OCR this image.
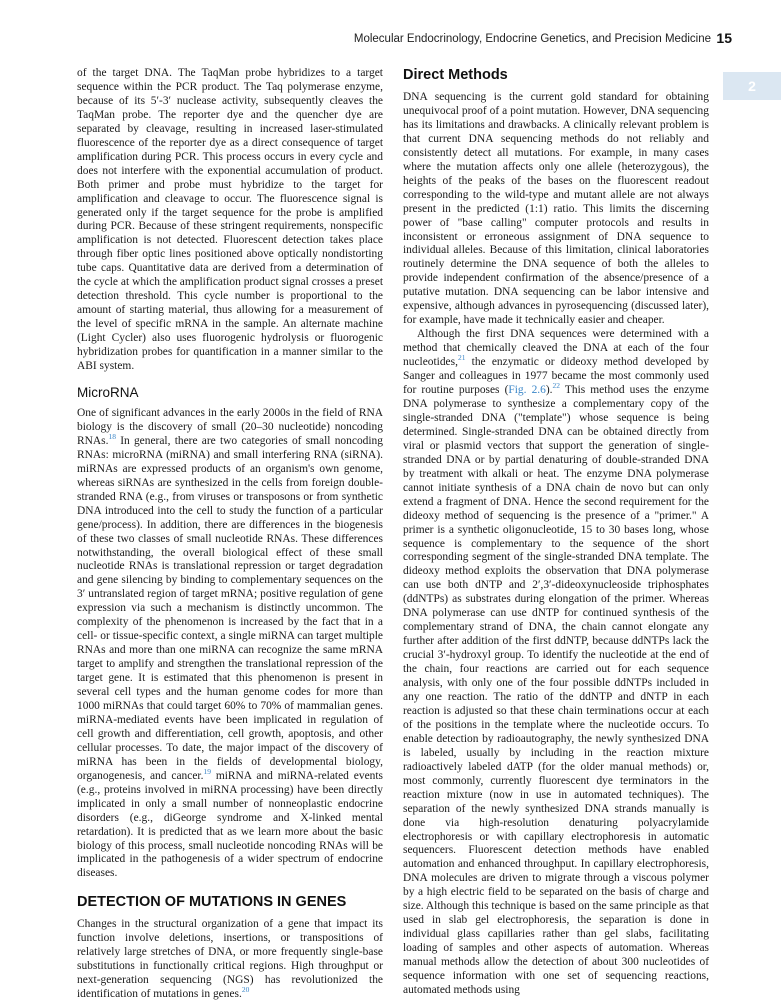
Molecular Endocrinology, Endocrine Genetics, and Precision Medicine 15
2

of the target DNA. The TaqMan probe hybridizes to a target sequence within the PCR product. The Taq polymerase enzyme, because of its 5′-3′ nuclease activity, subsequently cleaves the TaqMan probe. The reporter dye and the quencher dye are separated by cleavage, resulting in increased laser-stimulated fluorescence of the reporter dye as a direct consequence of target amplification during PCR. This process occurs in every cycle and does not interfere with the exponential accumulation of product. Both primer and probe must hybridize to the target for amplification and cleavage to occur. The fluorescence signal is generated only if the target sequence for the probe is amplified during PCR. Because of these stringent requirements, nonspecific amplification is not detected. Fluorescent detection takes place through fiber optic lines positioned above optically nondistorting tube caps. Quantitative data are derived from a determination of the cycle at which the amplification product signal crosses a preset detection threshold. This cycle number is proportional to the amount of starting material, thus allowing for a measurement of the level of specific mRNA in the sample. An alternate machine (Light Cycler) also uses fluorogenic hydrolysis or fluorogenic hybridization probes for quantification in a manner similar to the ABI system.

MicroRNA

One of significant advances in the early 2000s in the field of RNA biology is the discovery of small (20–30 nucleotide) noncoding RNAs.$^{18}$ In general, there are two categories of small noncoding RNAs: microRNA (miRNA) and small interfering RNA (siRNA). miRNAs are expressed products of an organism's own genome, whereas siRNAs are synthesized in the cells from foreign double-stranded RNA (e.g., from viruses or transposons or from synthetic DNA introduced into the cell to study the function of a particular gene/process). In addition, there are differences in the biogenesis of these two classes of small nucleotide RNAs. These differences notwithstanding, the overall biological effect of these small nucleotide RNAs is translational repression or target degradation and gene silencing by binding to complementary sequences on the 3′ untranslated region of target mRNA; positive regulation of gene expression via such a mechanism is distinctly uncommon. The complexity of the phenomenon is increased by the fact that in a cell- or tissue-specific context, a single miRNA can target multiple RNAs and more than one miRNA can recognize the same mRNA target to amplify and strengthen the translational repression of the target gene. It is estimated that this phenomenon is present in several cell types and the human genome codes for more than 1000 miRNAs that could target 60% to 70% of mammalian genes. miRNA-mediated events have been implicated in regulation of cell growth and differentiation, cell growth, apoptosis, and other cellular processes. To date, the major impact of the discovery of miRNA has been in the fields of developmental biology, organogenesis, and cancer.$^{19}$ miRNA and miRNA-related events (e.g., proteins involved in miRNA processing) have been directly implicated in only a small number of nonneoplastic endocrine disorders (e.g., diGeorge syndrome and X-linked mental retardation). It is predicted that as we learn more about the basic biology of this process, small nucleotide noncoding RNAs will be implicated in the pathogenesis of a wider spectrum of endocrine diseases.

DETECTION OF MUTATIONS IN GENES

Changes in the structural organization of a gene that impact its function involve deletions, insertions, or transpositions of relatively large stretches of DNA, or more frequently single-base substitutions in functionally critical regions. High throughput or next-generation sequencing (NGS) has revolutionized the identification of mutations in genes.$^{20}$

Direct Methods

DNA sequencing is the current gold standard for obtaining unequivocal proof of a point mutation. However, DNA sequencing has its limitations and drawbacks. A clinically relevant problem is that current DNA sequencing methods do not reliably and consistently detect all mutations. For example, in many cases where the mutation affects only one allele (heterozygous), the heights of the peaks of the bases on the fluorescent readout corresponding to the wild-type and mutant allele are not always present in the predicted (1:1) ratio. This limits the discerning power of "base calling" computer protocols and results in inconsistent or erroneous assignment of DNA sequence to individual alleles. Because of this limitation, clinical laboratories routinely determine the DNA sequence of both the alleles to provide independent confirmation of the absence/presence of a putative mutation. DNA sequencing can be labor intensive and expensive, although advances in pyrosequencing (discussed later), for example, have made it technically easier and cheaper.

Although the first DNA sequences were determined with a method that chemically cleaved the DNA at each of the four nucleotides,$^{21}$ the enzymatic or dideoxy method developed by Sanger and colleagues in 1977 became the most commonly used for routine purposes (Fig. 2.6).$^{22}$ This method uses the enzyme DNA polymerase to synthesize a complementary copy of the single-stranded DNA ("template") whose sequence is being determined. Single-stranded DNA can be obtained directly from viral or plasmid vectors that support the generation of single-stranded DNA or by partial denaturing of double-stranded DNA by treatment with alkali or heat. The enzyme DNA polymerase cannot initiate synthesis of a DNA chain de novo but can only extend a fragment of DNA. Hence the second requirement for the dideoxy method of sequencing is the presence of a "primer." A primer is a synthetic oligonucleotide, 15 to 30 bases long, whose sequence is complementary to the sequence of the short corresponding segment of the single-stranded DNA template. The dideoxy method exploits the observation that DNA polymerase can use both dNTP and 2′,3′-dideoxynucleoside triphosphates (ddNTPs) as substrates during elongation of the primer. Whereas DNA polymerase can use dNTP for continued synthesis of the complementary strand of DNA, the chain cannot elongate any further after addition of the first ddNTP, because ddNTPs lack the crucial 3′-hydroxyl group. To identify the nucleotide at the end of the chain, four reactions are carried out for each sequence analysis, with only one of the four possible ddNTPs included in any one reaction. The ratio of the ddNTP and dNTP in each reaction is adjusted so that these chain terminations occur at each of the positions in the template where the nucleotide occurs. To enable detection by radioautography, the newly synthesized DNA is labeled, usually by including in the reaction mixture radioactively labeled dATP (for the older manual methods) or, most commonly, currently fluorescent dye terminators in the reaction mixture (now in use in automated techniques). The separation of the newly synthesized DNA strands manually is done via high-resolution denaturing polyacrylamide electrophoresis or with capillary electrophoresis in automatic sequencers. Fluorescent detection methods have enabled automation and enhanced throughput. In capillary electrophoresis, DNA molecules are driven to migrate through a viscous polymer by a high electric field to be separated on the basis of charge and size. Although this technique is based on the same principle as that used in slab gel electrophoresis, the separation is done in individual glass capillaries rather than gel slabs, facilitating loading of samples and other aspects of automation. Whereas manual methods allow the detection of about 300 nucleotides of sequence information with one set of sequencing reactions, automated methods using
